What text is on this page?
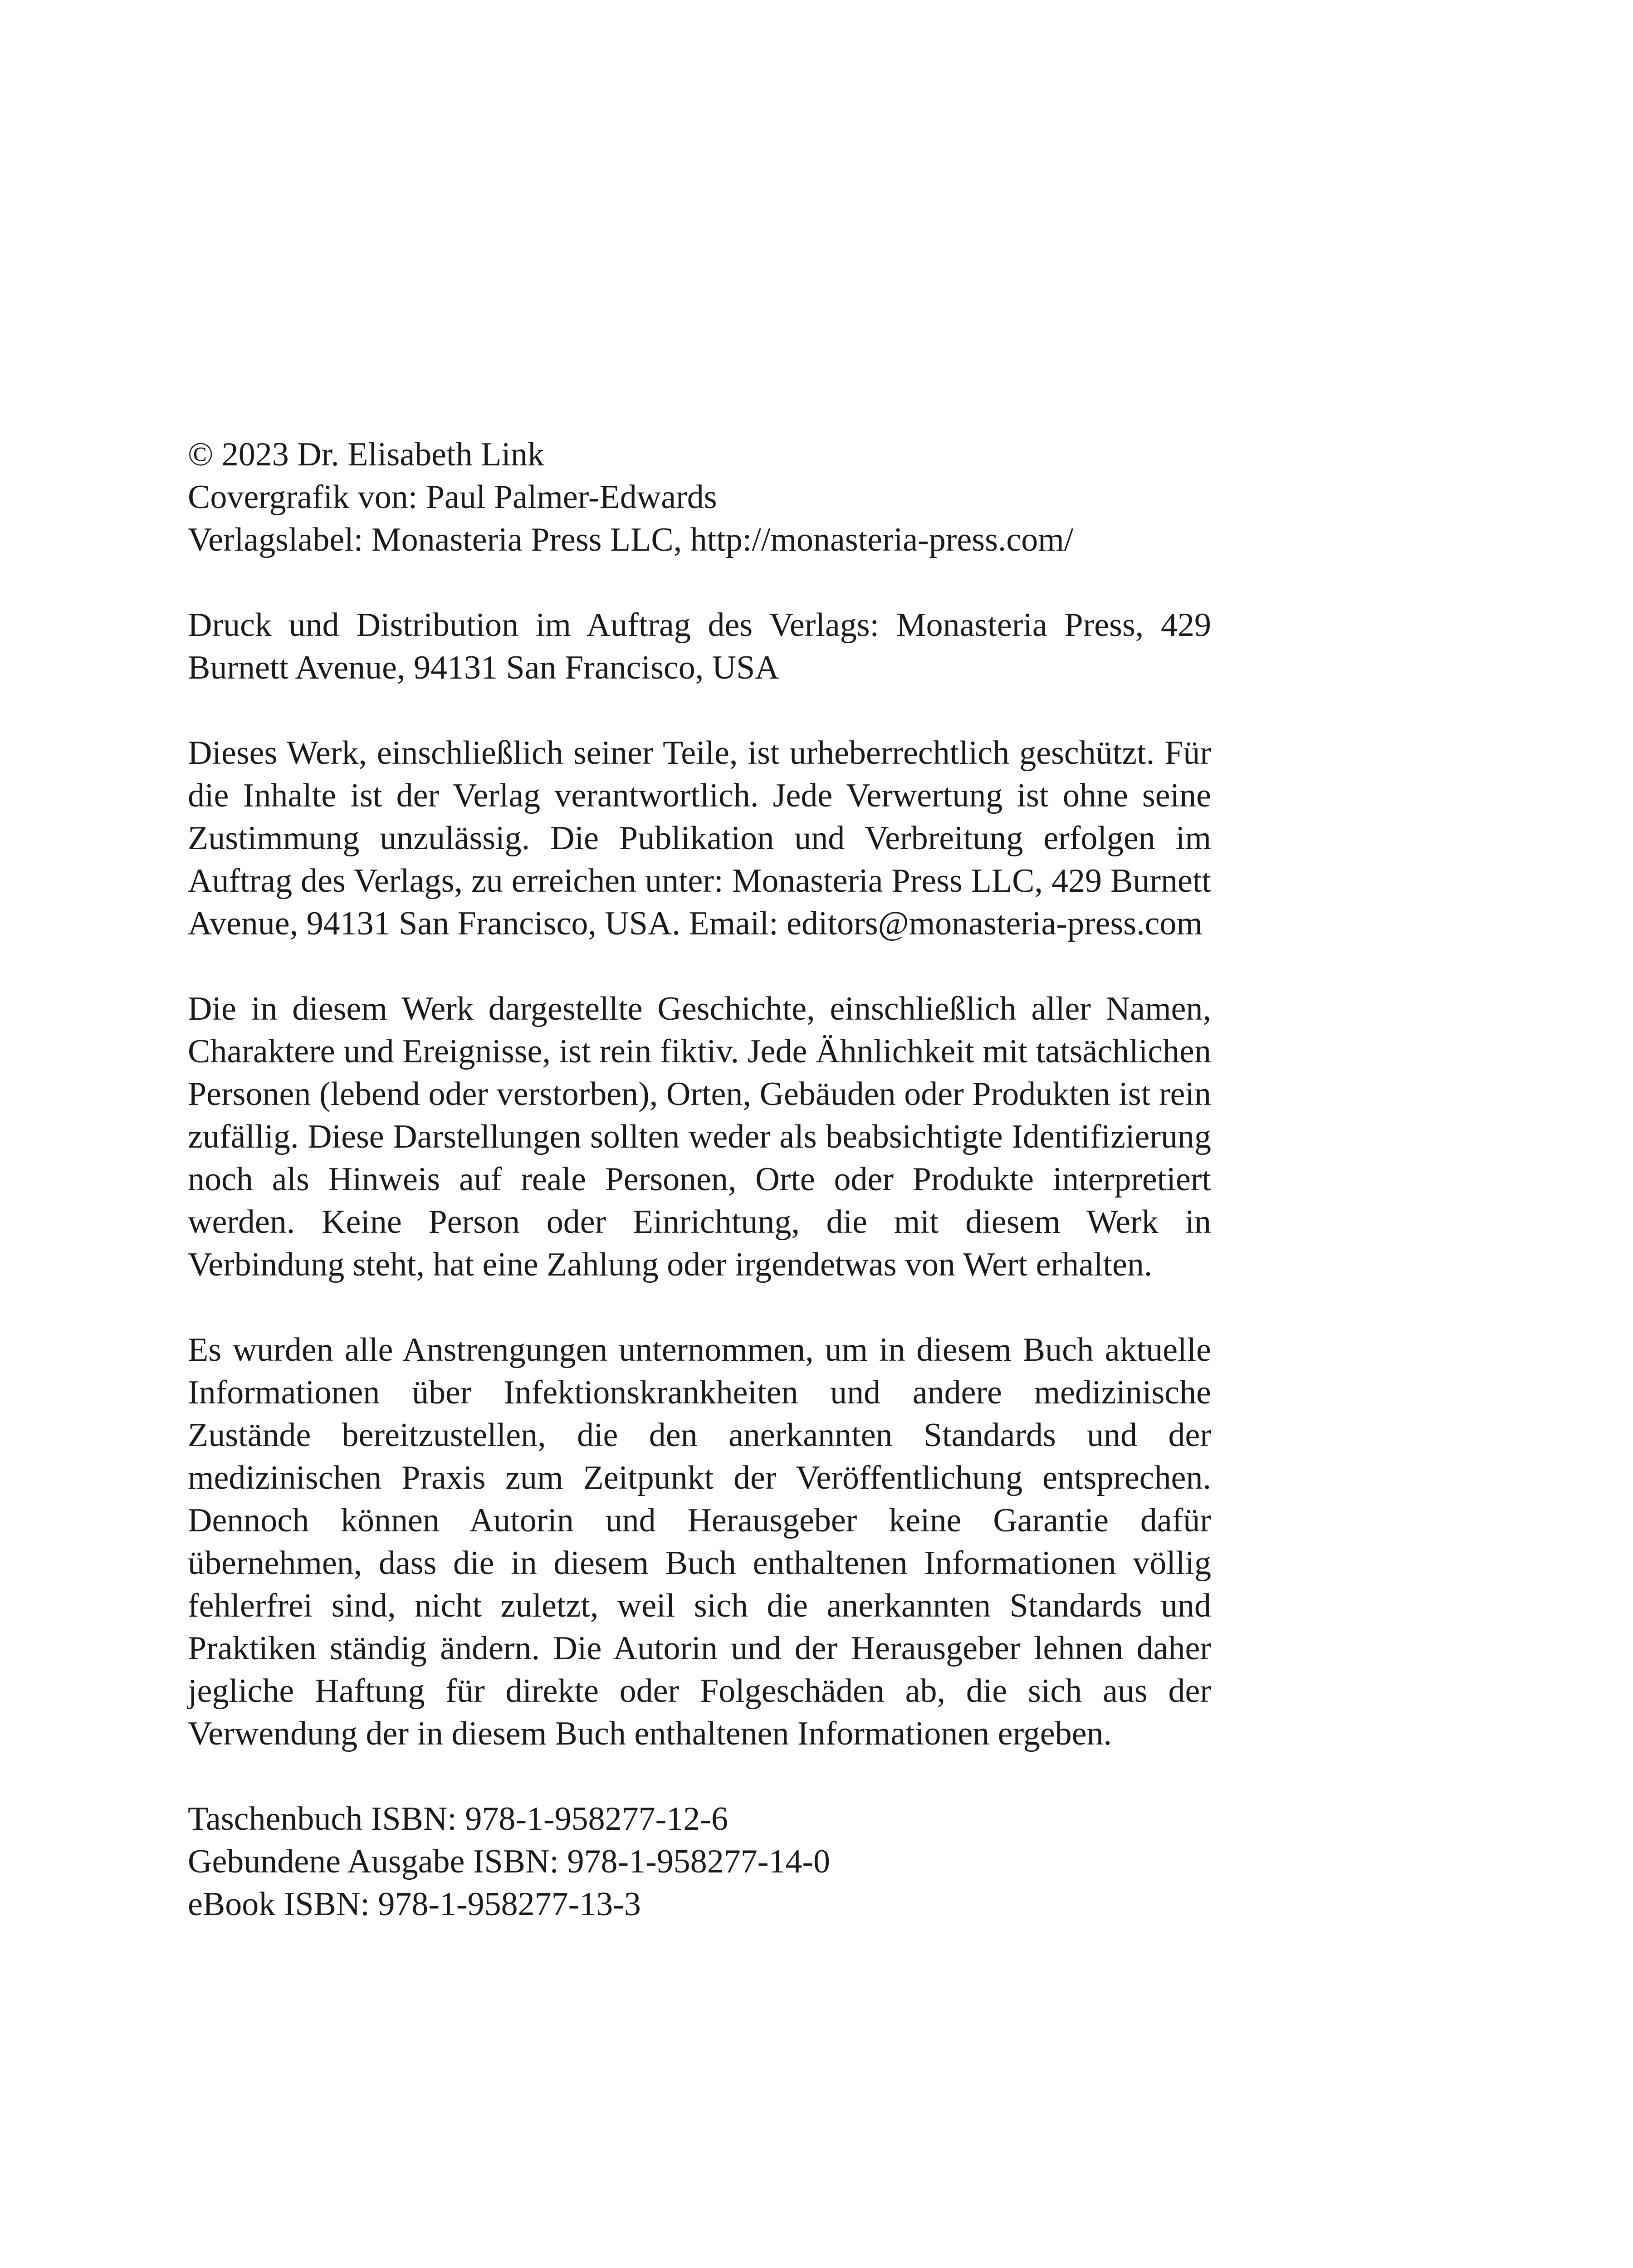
© 2023 Dr. Elisabeth Link
Covergrafik von: Paul Palmer-Edwards
Verlagslabel: Monasteria Press LLC, http://monasteria-press.com/
Druck und Distribution im Auftrag des Verlags: Monasteria Press, 429 Burnett Avenue, 94131 San Francisco, USA
Dieses Werk, einschließlich seiner Teile, ist urheberrechtlich geschützt. Für die Inhalte ist der Verlag verantwortlich. Jede Verwertung ist ohne seine Zustimmung unzulässig. Die Publikation und Verbreitung erfolgen im Auftrag des Verlags, zu erreichen unter: Monasteria Press LLC, 429 Burnett Avenue, 94131 San Francisco, USA. Email: editors@monasteria-press.com
Die in diesem Werk dargestellte Geschichte, einschließlich aller Namen, Charaktere und Ereignisse, ist rein fiktiv. Jede Ähnlichkeit mit tatsächlichen Personen (lebend oder verstorben), Orten, Gebäuden oder Produkten ist rein zufällig. Diese Darstellungen sollten weder als beabsichtigte Identifizierung noch als Hinweis auf reale Personen, Orte oder Produkte interpretiert werden. Keine Person oder Einrichtung, die mit diesem Werk in Verbindung steht, hat eine Zahlung oder irgendetwas von Wert erhalten.
Es wurden alle Anstrengungen unternommen, um in diesem Buch aktuelle Informationen über Infektionskrankheiten und andere medizinische Zustände bereitzustellen, die den anerkannten Standards und der medizinischen Praxis zum Zeitpunkt der Veröffentlichung entsprechen. Dennoch können Autorin und Herausgeber keine Garantie dafür übernehmen, dass die in diesem Buch enthaltenen Informationen völlig fehlerfrei sind, nicht zuletzt, weil sich die anerkannten Standards und Praktiken ständig ändern. Die Autorin und der Herausgeber lehnen daher jegliche Haftung für direkte oder Folgeschäden ab, die sich aus der Verwendung der in diesem Buch enthaltenen Informationen ergeben.
Taschenbuch ISBN: 978-1-958277-12-6
Gebundene Ausgabe ISBN: 978-1-958277-14-0
eBook ISBN: 978-1-958277-13-3
